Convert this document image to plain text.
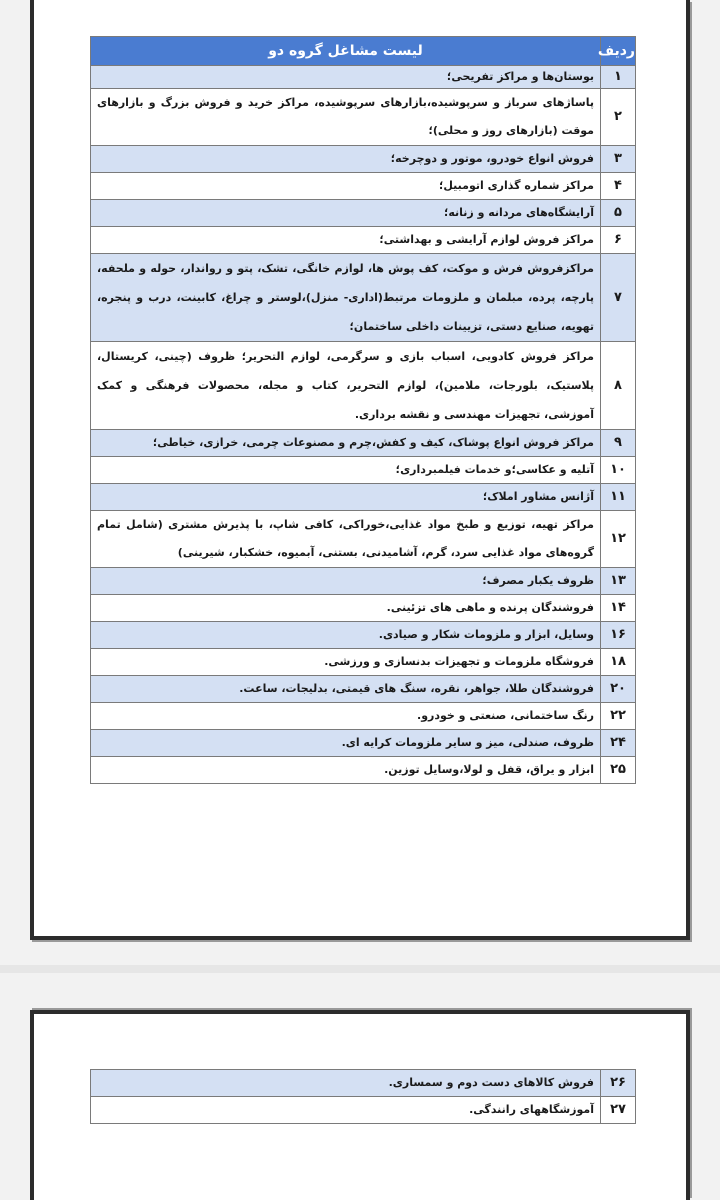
ردیف	لیست مشاغل گروه دو
۱	بوستان‌ها و مراکز تفریحی؛
۲	پاساژهای سرباز و سرپوشیده،بازارهای سرپوشیده، مراکز خرید و فروش بزرگ و بازارهای موقت (بازارهای روز و محلی)؛
۳	فروش انواع خودرو، موتور و دوچرخه؛
۴	مراکز شماره گذاری اتومبیل؛
۵	آرایشگاه‌های مردانه و زنانه؛
۶	مراکز فروش لوازم آرایشی و بهداشتی؛
۷	مراکزفروش فرش و موکت، کف پوش ها، لوازم خانگی، تشک، پتو و رواندار، حوله و ملحفه، پارچه، پرده، مبلمان و ملزومات مرتبط(اداری- منزل)،لوستر و چراغ، کابینت، درب و پنجره، تهویه، صنایع دستی، تزیینات داخلی ساختمان؛
۸	مراکز فروش کادویی، اسباب بازی و سرگرمی، لوازم التحریر؛ ظروف (چینی، کریستال، پلاستیک، بلورجات، ملامین)، لوازم التحریر، کتاب و مجله، محصولات فرهنگی و کمک آموزشی، تجهیزات مهندسی و نقشه برداری.
۹	مراکز فروش انواع پوشاک، کیف و کفش،چرم و مصنوعات چرمی، خرازی، خیاطی؛
۱۰	آتلیه و عکاسی؛و خدمات فیلمبرداری؛
۱۱	آژانس مشاور املاک؛
۱۲	مراکز تهیه، توزیع و طبخ مواد غذایی،خوراکی، کافی شاپ، با پذیرش مشتری (شامل تمام گروه‌های مواد غذایی سرد، گرم، آشامیدنی، بستنی، آبمیوه، خشکبار، شیرینی)
۱۳	ظروف یکبار مصرف؛
۱۴	فروشندگان پرنده و ماهی های تزئینی.
۱۶	وسایل، ابزار و ملزومات شکار و صیادی.
۱۸	فروشگاه ملزومات و تجهیزات بدنسازی و ورزشی.
۲۰	فروشندگان طلا، جواهر، نقره، سنگ های قیمتی، بدلیجات، ساعت.
۲۲	رنگ ساختمانی، صنعتی و خودرو.
۲۴	ظروف، صندلی، میز و سایر ملزومات کرایه ای.
۲۵	ابزار و یراق، قفل و لولا،وسایل توزین.
۲۶	فروش کالاهای دست دوم و سمساری.
۲۷	آموزشگاههای رانندگی.
